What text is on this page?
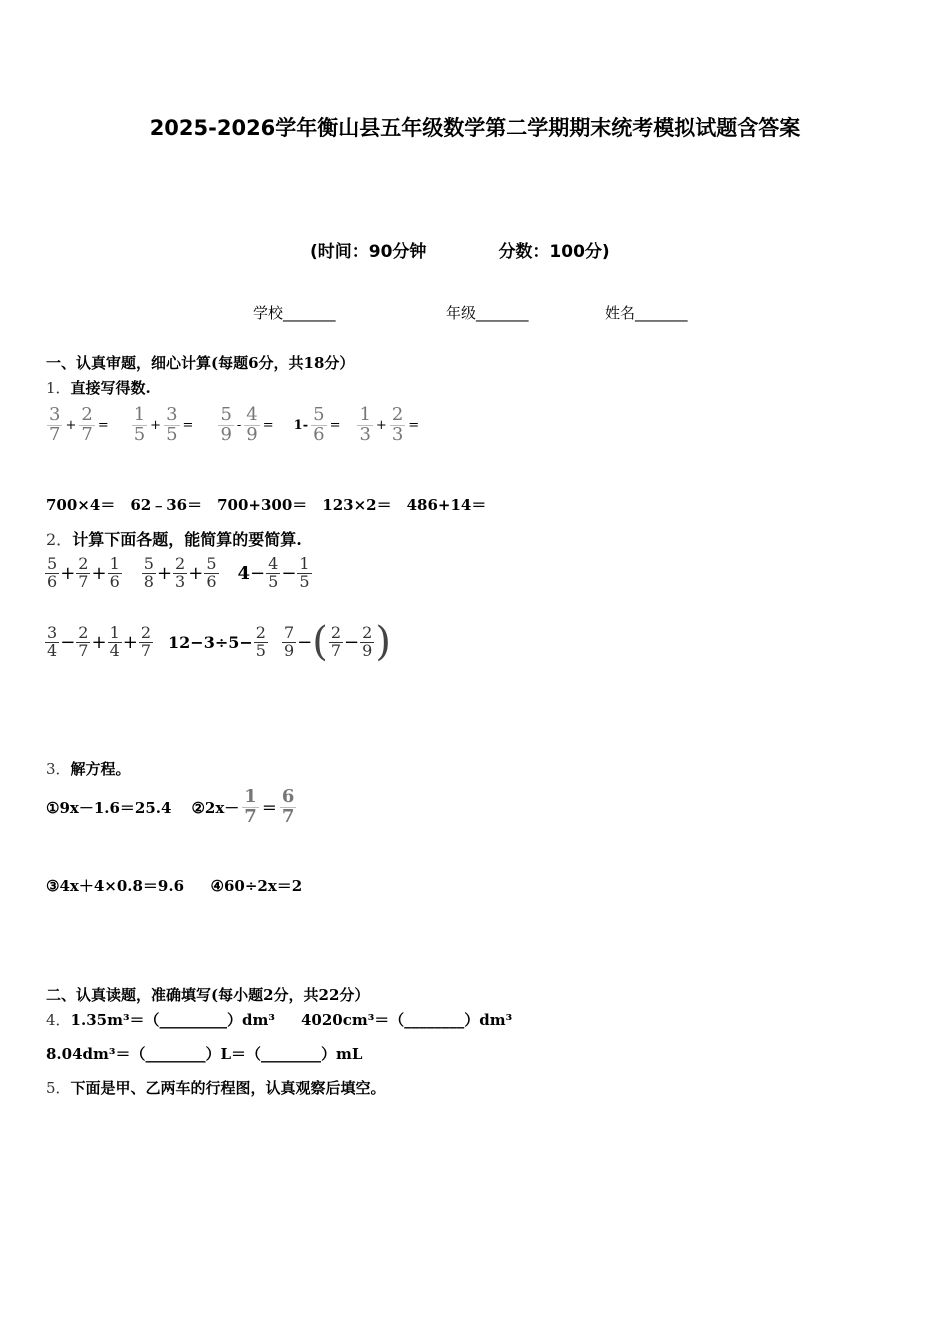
2025-2026学年衡山县五年级数学第二学期期末统考模拟试题含答案
(时间：90分钟	分数：100分)
学校_______	年级_______	姓名_______
一、认真审题，细心计算(每题6分，共18分）
1．直接写得数.
$\frac{3}{7} + \frac{2}{7} = \frac{1}{5} + \frac{3}{5} = \frac{5}{9} - \frac{4}{9} = 1- \frac{5}{6} = \frac{1}{3} + \frac{2}{3}$ =
700×4＝　62﹣36＝　700+300＝　123×2＝　486+14＝
2．计算下面各题，能简算的要简算.
$\frac{5}{6} + \frac{2}{7} + \frac{1}{6} \frac{5}{8} + \frac{2}{3} + \frac{5}{6} 4 - \frac{4}{5} - \frac{1}{5}$
$\frac{3}{4} - \frac{2}{7} + \frac{1}{4} + \frac{2}{7} 12-3\div 5- \frac{2}{5} \frac{7}{9}$ − ( $\frac{2}{7} - \frac{2}{9}$ )
3．解方程。
①9x－1.6＝25.4 ②2x－ $\frac{1}{7} = \frac{6}{7}$
③4x＋4×0.8＝9.6 ④60÷2x＝2
二、认真读题，准确填写(每小题2分，共22分）
4．1.35m³＝（_________）dm³ 4020cm³＝（________）dm³
8.04dm³＝（________）L＝（________）mL
5．下面是甲、乙两车的行程图，认真观察后填空。
